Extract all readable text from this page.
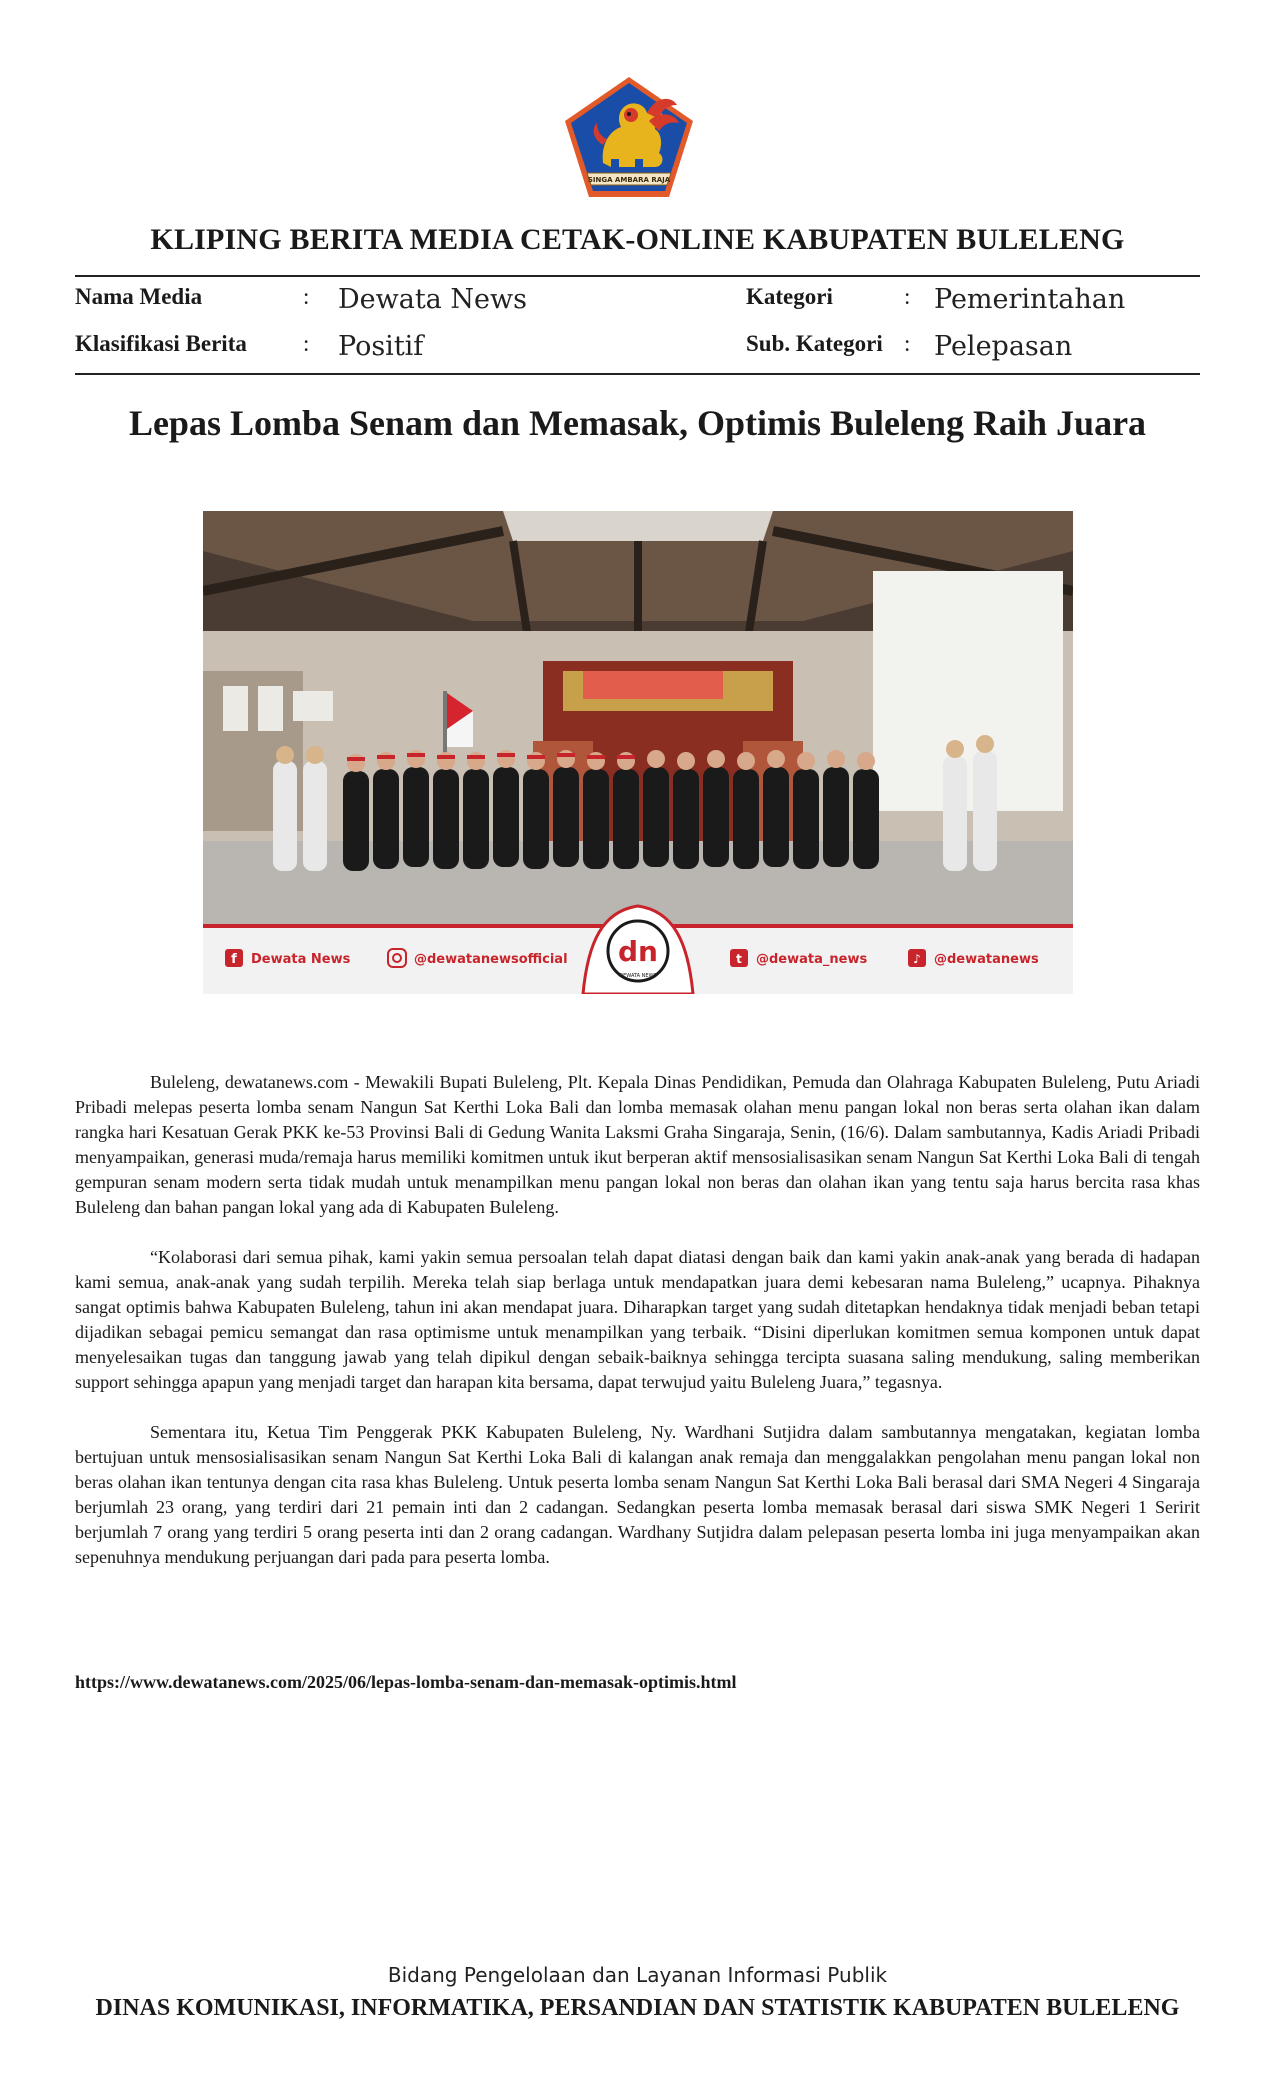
SINGA AMBARA RAJA
KLIPING BERITA MEDIA CETAK-ONLINE KABUPATEN BULELENG
Nama Media	: Dewata News	Kategori	: Pemerintahan
Klasifikasi Berita : Positif	Sub. Kategori : Pelepasan
Lepas Lomba Senam dan Memasak, Optimis Buleleng Raih Juara
dn
DEWATA NEWS
f Dewata News	@dewatanewsofficial	t @dewata_news	♪ @dewatanews

Buleleng, dewatanews.com - Mewakili Bupati Buleleng, Plt. Kepala Dinas Pendidikan, Pemuda dan Olahraga Kabupaten Buleleng, Putu Ariadi Pribadi melepas peserta lomba senam Nangun Sat Kerthi Loka Bali dan lomba memasak olahan menu pangan lokal non beras serta olahan ikan dalam rangka hari Kesatuan Gerak PKK ke-53 Provinsi Bali di Gedung Wanita Laksmi Graha Singaraja, Senin, (16/6). Dalam sambutannya, Kadis Ariadi Pribadi menyampaikan, generasi muda/remaja harus memiliki komitmen untuk ikut berperan aktif mensosialisasikan senam Nangun Sat Kerthi Loka Bali di tengah gempuran senam modern serta tidak mudah untuk menampilkan menu pangan lokal non beras dan olahan ikan yang tentu saja harus bercita rasa khas Buleleng dan bahan pangan lokal yang ada di Kabupaten Buleleng.

“Kolaborasi dari semua pihak, kami yakin semua persoalan telah dapat diatasi dengan baik dan kami yakin anak-anak yang berada di hadapan kami semua, anak-anak yang sudah terpilih. Mereka telah siap berlaga untuk mendapatkan juara demi kebesaran nama Buleleng,” ucapnya. Pihaknya sangat optimis bahwa Kabupaten Buleleng, tahun ini akan mendapat juara. Diharapkan target yang sudah ditetapkan hendaknya tidak menjadi beban tetapi dijadikan sebagai pemicu semangat dan rasa optimisme untuk menampilkan yang terbaik. “Disini diperlukan komitmen semua komponen untuk dapat menyelesaikan tugas dan tanggung jawab yang telah dipikul dengan sebaik-baiknya sehingga tercipta suasana saling mendukung, saling memberikan support sehingga apapun yang menjadi target dan harapan kita bersama, dapat terwujud yaitu Buleleng Juara,” tegasnya.

Sementara itu, Ketua Tim Penggerak PKK Kabupaten Buleleng, Ny. Wardhani Sutjidra dalam sambutannya mengatakan, kegiatan lomba bertujuan untuk mensosialisasikan senam Nangun Sat Kerthi Loka Bali di kalangan anak remaja dan menggalakkan pengolahan menu pangan lokal non beras olahan ikan tentunya dengan cita rasa khas Buleleng. Untuk peserta lomba senam Nangun Sat Kerthi Loka Bali berasal dari SMA Negeri 4 Singaraja berjumlah 23 orang, yang terdiri dari 21 pemain inti dan 2 cadangan. Sedangkan peserta lomba memasak berasal dari siswa SMK Negeri 1 Seririt berjumlah 7 orang yang terdiri 5 orang peserta inti dan 2 orang cadangan. Wardhany Sutjidra dalam pelepasan peserta lomba ini juga menyampaikan akan sepenuhnya mendukung perjuangan dari pada para peserta lomba.

https://www.dewatanews.com/2025/06/lepas-lomba-senam-dan-memasak-optimis.html
Bidang Pengelolaan dan Layanan Informasi Publik
DINAS KOMUNIKASI, INFORMATIKA, PERSANDIAN DAN STATISTIK KABUPATEN BULELENG
